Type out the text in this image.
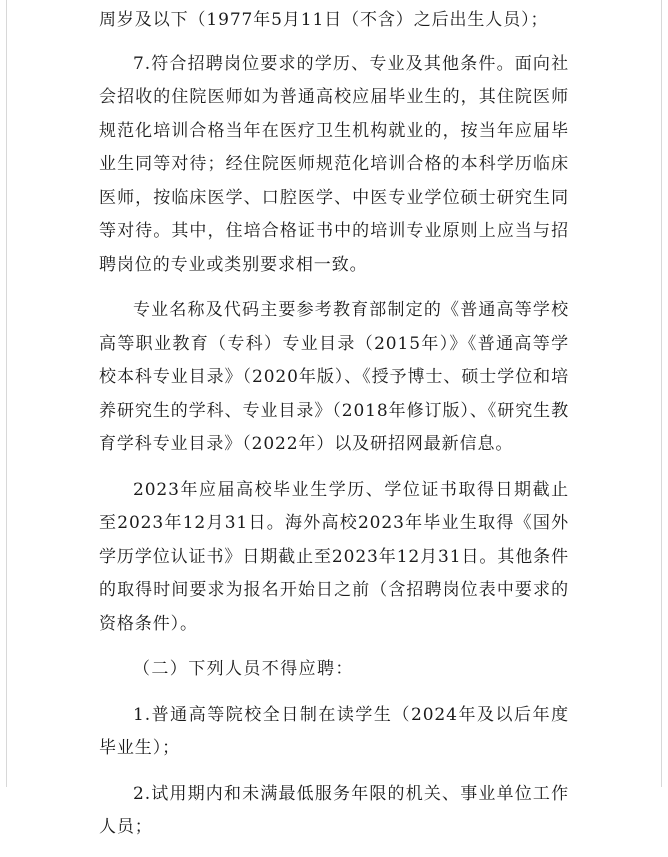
周岁及以下（1977年5月11日（不含）之后出生人员）；

7.符合招聘岗位要求的学历、专业及其他条件。面向社会招收的住院医师如为普通高校应届毕业生的，其住院医师规范化培训合格当年在医疗卫生机构就业的，按当年应届毕业生同等对待；经住院医师规范化培训合格的本科学历临床医师，按临床医学、口腔医学、中医专业学位硕士研究生同等对待。其中，住培合格证书中的培训专业原则上应当与招聘岗位的专业或类别要求相一致。

专业名称及代码主要参考教育部制定的《普通高等学校高等职业教育（专科）专业目录（2015年）》《普通高等学校本科专业目录》（2020年版）、《授予博士、硕士学位和培养研究生的学科、专业目录》（2018年修订版）、《研究生教育学科专业目录》（2022年）以及研招网最新信息。

2023年应届高校毕业生学历、学位证书取得日期截止至2023年12月31日。海外高校2023年毕业生取得《国外学历学位认证书》日期截止至2023年12月31日。其他条件的取得时间要求为报名开始日之前（含招聘岗位表中要求的资格条件）。

（二）下列人员不得应聘：

1.普通高等院校全日制在读学生（2024年及以后年度毕业生）；

2.试用期内和未满最低服务年限的机关、事业单位工作人员；
